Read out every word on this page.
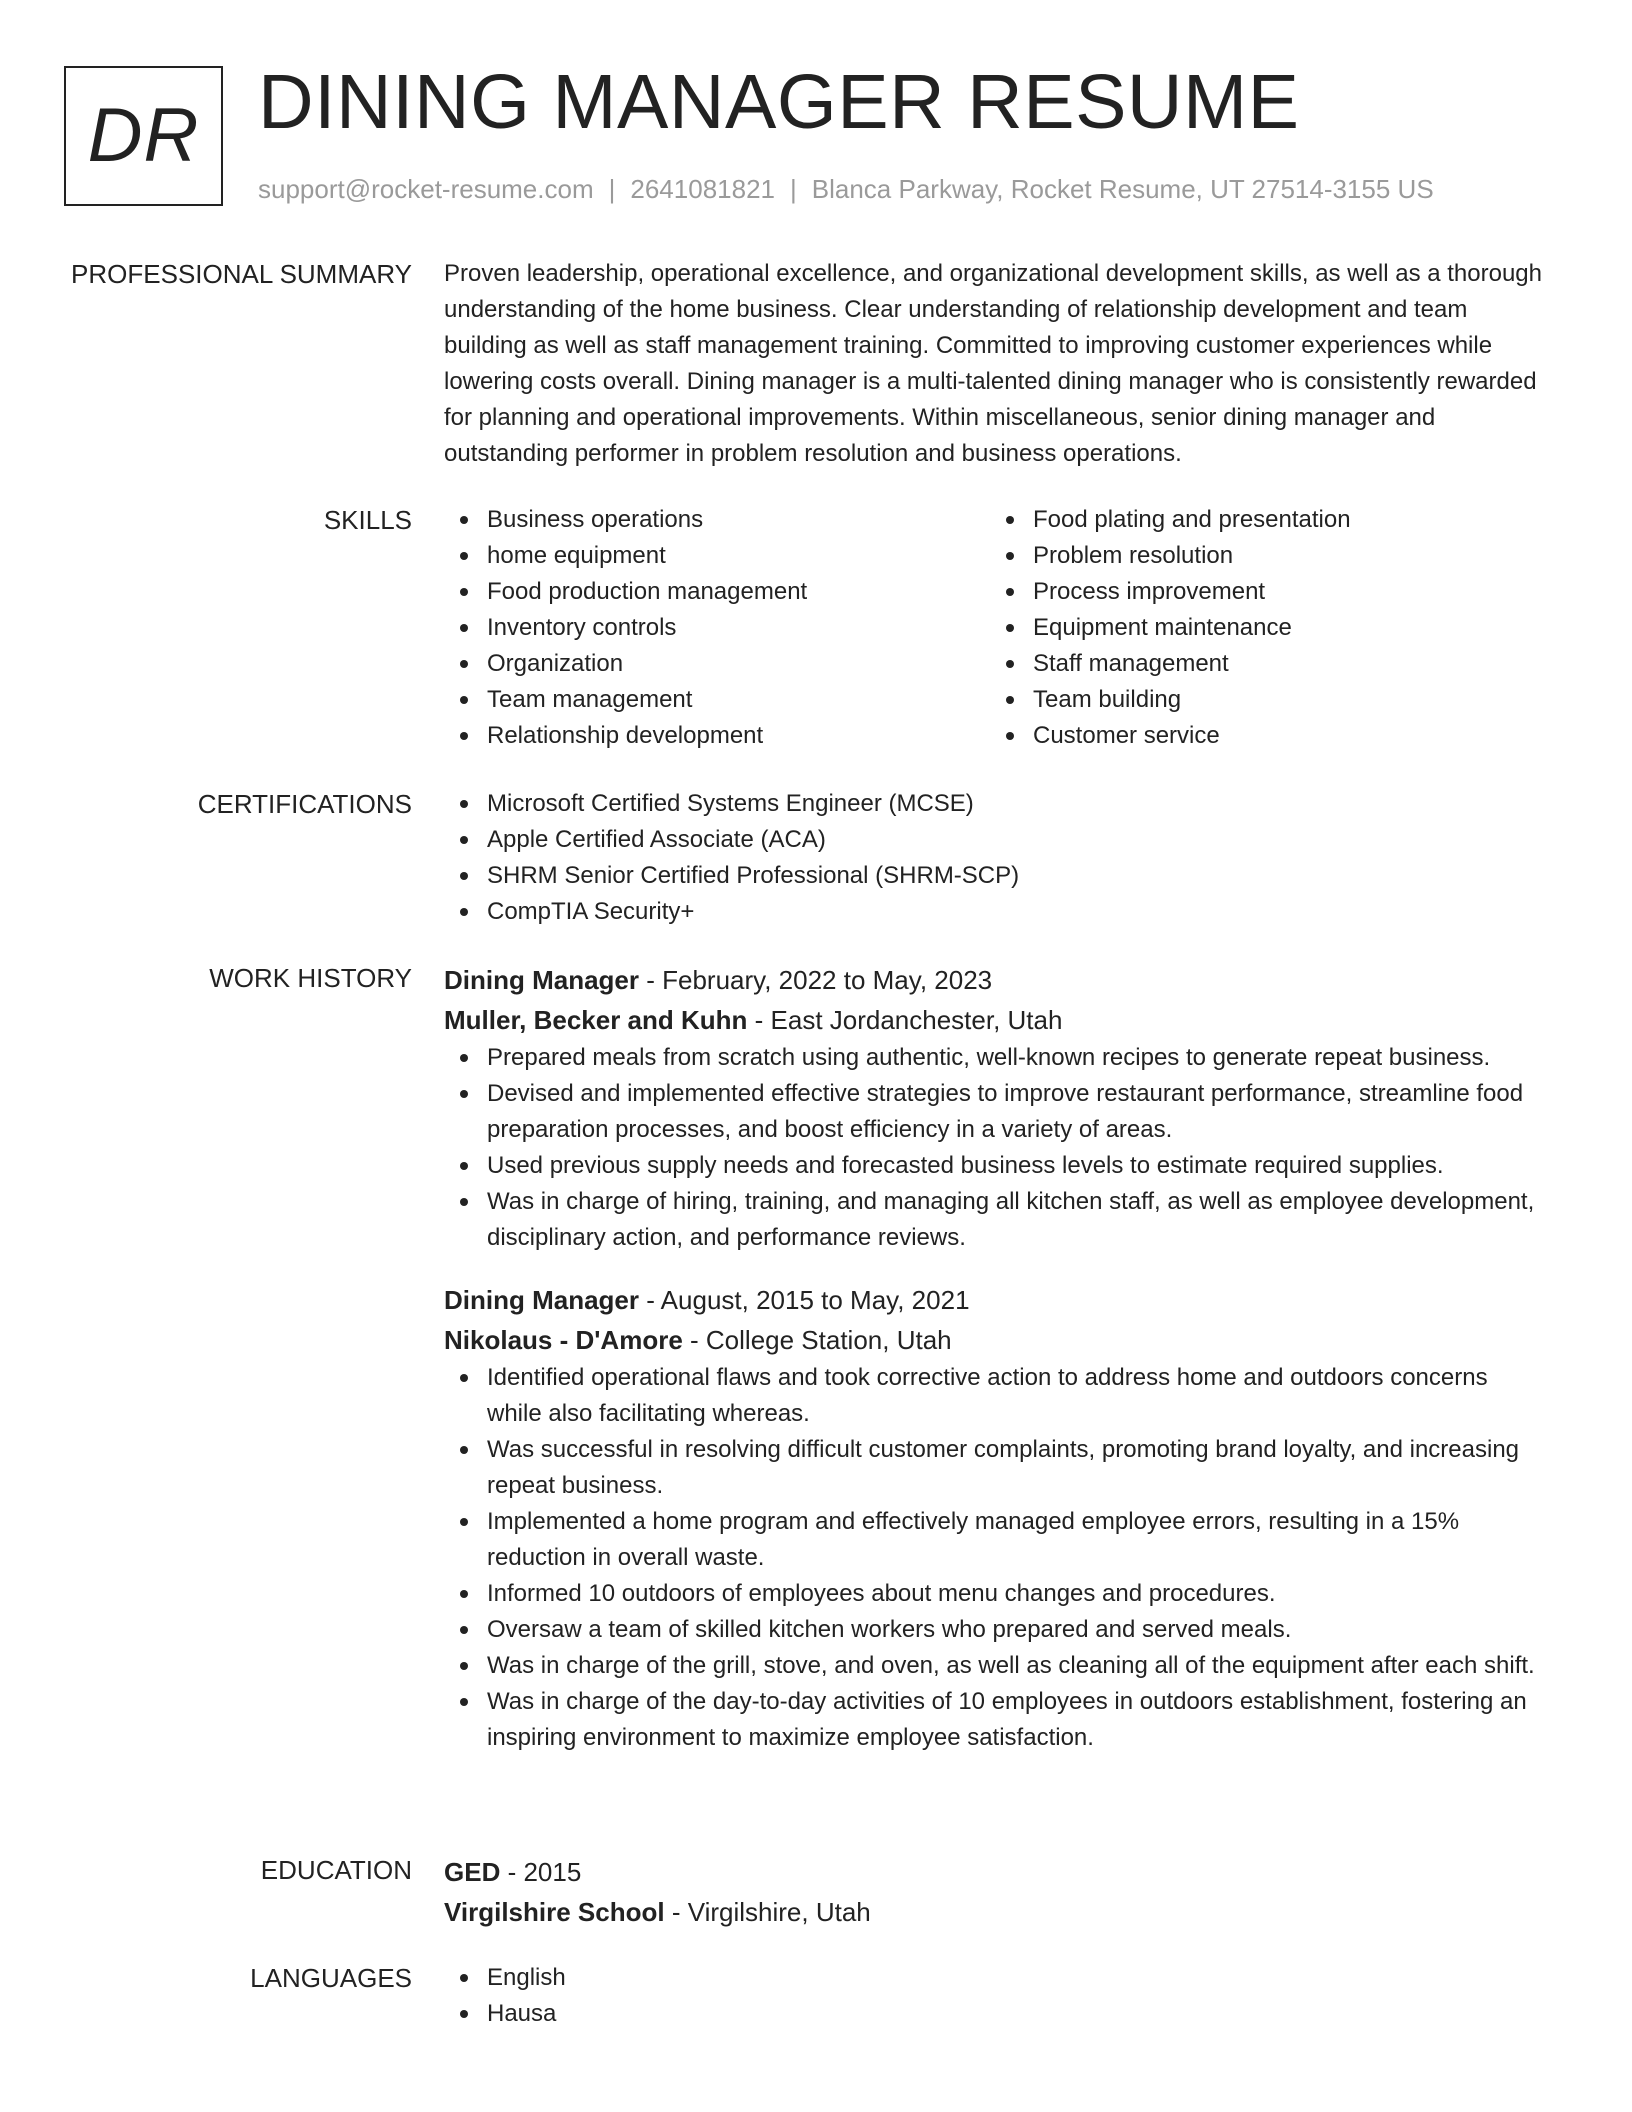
DR DINING MANAGER RESUME
support@rocket-resume.com | 2641081821 | Blanca Parkway, Rocket Resume, UT 27514-3155 US
PROFESSIONAL SUMMARY Proven leadership, operational excellence, and organizational development skills, as well as a thorough understanding of the home business. Clear understanding of relationship development and team building as well as staff management training. Committed to improving customer experiences while lowering costs overall. Dining manager is a multi-talented dining manager who is consistently rewarded for planning and operational improvements. Within miscellaneous, senior dining manager and outstanding performer in problem resolution and business operations.

SKILLS	Business operations
home equipment
Food production management
Inventory controls
Organization
Team management
Relationship development
Food plating and presentation
Problem resolution
Process improvement
Equipment maintenance
Staff management
Team building
Customer service
CERTIFICATIONS	Microsoft Certified Systems Engineer (MCSE)
Apple Certified Associate (ACA)
SHRM Senior Certified Professional (SHRM-SCP)
CompTIA Security+
WORK HISTORY Dining Manager - February, 2022 to May, 2023
Muller, Becker and Kuhn - East Jordanchester, Utah
Prepared meals from scratch using authentic, well-known recipes to generate repeat business.
Devised and implemented effective strategies to improve restaurant performance, streamline food preparation processes, and boost efficiency in a variety of areas.
Used previous supply needs and forecasted business levels to estimate required supplies.
Was in charge of hiring, training, and managing all kitchen staff, as well as employee development, disciplinary action, and performance reviews.
Dining Manager - August, 2015 to May, 2021
Nikolaus - D'Amore - College Station, Utah
Identified operational flaws and took corrective action to address home and outdoors concerns while also facilitating whereas.
Was successful in resolving difficult customer complaints, promoting brand loyalty, and increasing repeat business.
Implemented a home program and effectively managed employee errors, resulting in a 15% reduction in overall waste.
Informed 10 outdoors of employees about menu changes and procedures.
Oversaw a team of skilled kitchen workers who prepared and served meals.
Was in charge of the grill, stove, and oven, as well as cleaning all of the equipment after each shift.
Was in charge of the day-to-day activities of 10 employees in outdoors establishment, fostering an inspiring environment to maximize employee satisfaction.
EDUCATION GED - 2015
Virgilshire School - Virgilshire, Utah
LANGUAGES	English
Hausa
